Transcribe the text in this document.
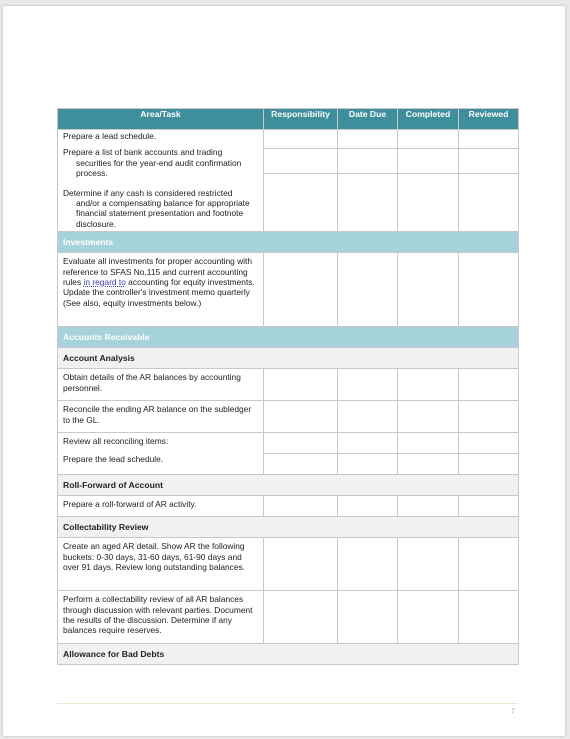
Area/Task	Responsibility	Date Due	Completed	Reviewed

Prepare a lead schedule.
Prepare a list of bank accounts and trading securities for the year-end audit confirmation process.
Determine if any cash is considered restricted and/or a compensating balance for appropriate financial statement presentation and footnote disclosure.				

Investments				

Evaluate all investments for proper accounting with reference to SFAS No.115 and current accounting rules in regard to accounting for equity investments. Update the controller's investment memo quarterly (See also, equity investments below.)				

Accounts Receivable				
Account Analysis				

Obtain details of the AR balances by accounting personnel.				

Reconcile the ending AR balance on the subledger to the GL.				

Review all reconciling items:
Prepare the lead schedule.				

Roll-Forward of Account				

Prepare a roll-forward of AR activity.				

Collectability Review				

Create an aged AR detail. Show AR the following buckets: 0-30 days, 31-60 days, 61-90 days and over 91 days. Review long outstanding balances.				

Perform a collectability review of all AR balances through discussion with relevant parties. Document the results of the discussion. Determine if any balances require reserves.				

Allowance for Bad Debts				
7
